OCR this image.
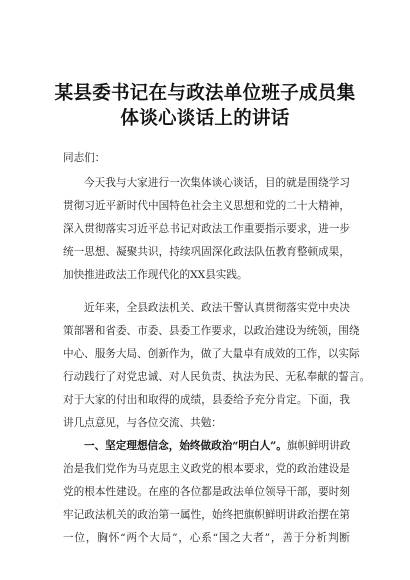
某县委书记在与政法单位班子成员集
体谈心谈话上的讲话
同志们：
今天我与大家进行一次集体谈心谈话，目的就是围绕学习
贯彻习近平新时代中国特色社会主义思想和党的二十大精神，
深入贯彻落实习近平总书记对政法工作重要指示要求，进一步
统一思想、凝聚共识，持续巩固深化政法队伍教育整顿成果，
加快推进政法工作现代化的XX县实践。
近年来，全县政法机关、政法干警认真贯彻落实党中央决
策部署和省委、市委、县委工作要求，以政治建设为统领，围绕
中心、服务大局、创新作为，做了大量卓有成效的工作，以实际
行动践行了对党忠诚、对人民负责、执法为民、无私奉献的誓言。
对于大家的付出和取得的成绩，县委给予充分肯定。下面，我
讲几点意见，与各位交流、共勉：
一、坚定理想信念，始终做政治“明白人”。旗帜鲜明讲政
治是我们党作为马克思主义政党的根本要求，党的政治建设是
党的根本性建设。在座的各位都是政法单位领导干部，要时刻
牢记政法机关的政治第一属性，始终把旗帜鲜明讲政治摆在第
一位，胸怀“两个大局”，心系“国之大者”，善于分析判断
